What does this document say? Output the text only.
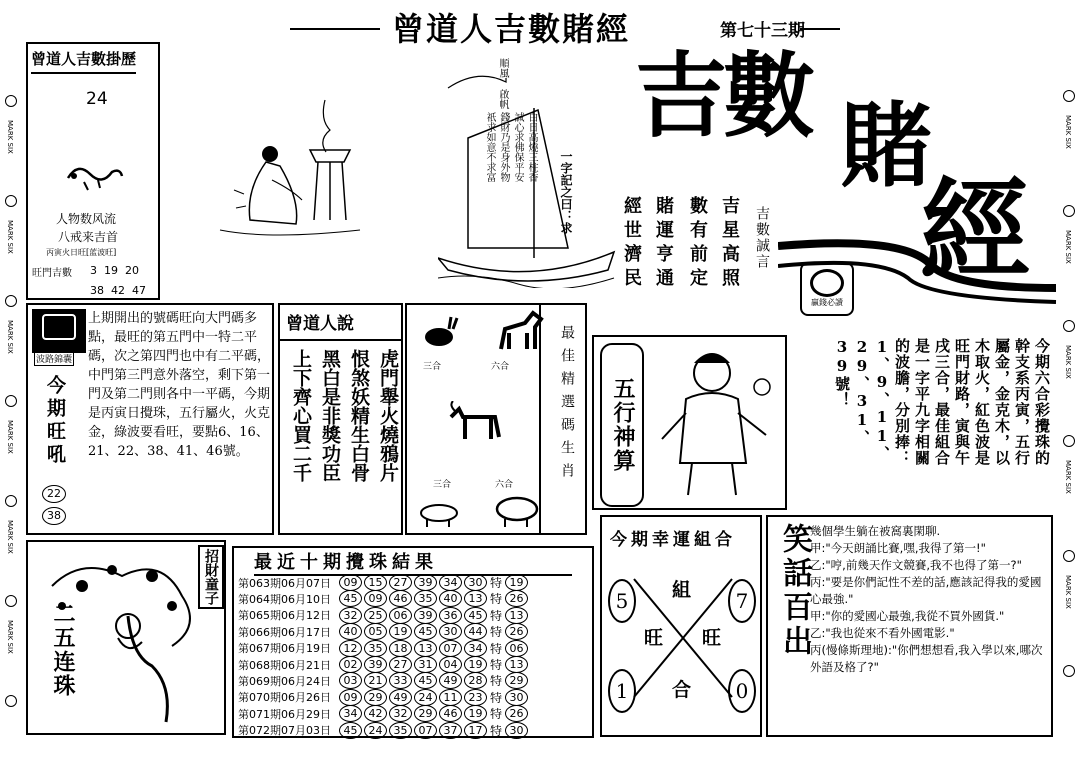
曾道人吉數賭經	第七十三期
MARK SIX
MARK SIX
MARK SIX
MARK SIX
MARK SIX
MARK SIX
MARK SIX
MARK SIX
MARK SIX
MARK SIX
MARK SIX
曾道人吉數掛歷
24
人物数风流
八戒来吉首
丙寅火日旺[蓝波旺]
旺門吉數 3  19  20
38  42  47
順風 啟帆
白日高燒三柱香 誠心求佛保平安 錢財乃是身外物 祇求如意不求富
一字記之曰：求
吉數 賭
經
吉星高照
數有前定
賭運亨通
經世濟民	吉數誠言
贏錢必讀
波路錦囊
今期旺吼
上期開出的號碼旺向大門碼多點，最旺的第五門中一特二平碼，次之第四門也中有二平碼，中門第三門意外落空，剩下第一門及第二門則各中一平碼，今期是丙寅日攪珠，五行屬火，火克金，綠波要看旺，要點6、16、21、22、38、41、46號。
22
38
曾道人說
虎門舉火燒鴉片
恨煞妖精生白骨
黑白是非獎功臣
上下齊心買二千	三合	六合
三合	六合	最佳精選碼生肖	五行神算	今期六合彩攪珠的幹支系丙寅，五行屬金，金克木，以木取火，紅色波是旺門財路，寅與午戌三合，最佳組合是一字平九字相關的波膽，分別捧：1、9、11、29、31、39號！
二五连珠
招財童子 最近十期攪珠結果
第063期06月07日	09	15	27	39	34	30 特 19
第064期06月10日	45	09	46	35	40	13 特 26
第065期06月12日	32	25	06	39	36	45 特 13
第066期06月17日	40	05	19	45	30	44 特 26
第067期06月19日	12	35	18	13	07	34 特 06
第068期06月21日	02	39	27	31	04	19 特 13
第069期06月24日	03	21	33	45	49	28 特 29
第070期06月26日	09	29	49	24	11	23 特 30
第071期06月29日	34	42	32	29	46	19 特 26
第072期07月03日	45	24	35	07	37	17 特 30
今期幸運組合
5	7
1	0
組
旺 旺
合
笑話百出
幾個學生躺在被窩裏閑聊.
甲:"今天朗誦比賽,嘿,我得了第一!"
乙:"哼,前幾天作文競賽,我不也得了第一?"
丙:"要是你們記性不差的話,應該記得我的愛國心最強."
甲:"你的愛國心最強,我從不買外國貨."
乙:"我也從來不看外國電影."
丙(慢條斯理地):"你們想想看,我入學以來,哪次外語及格了?"
